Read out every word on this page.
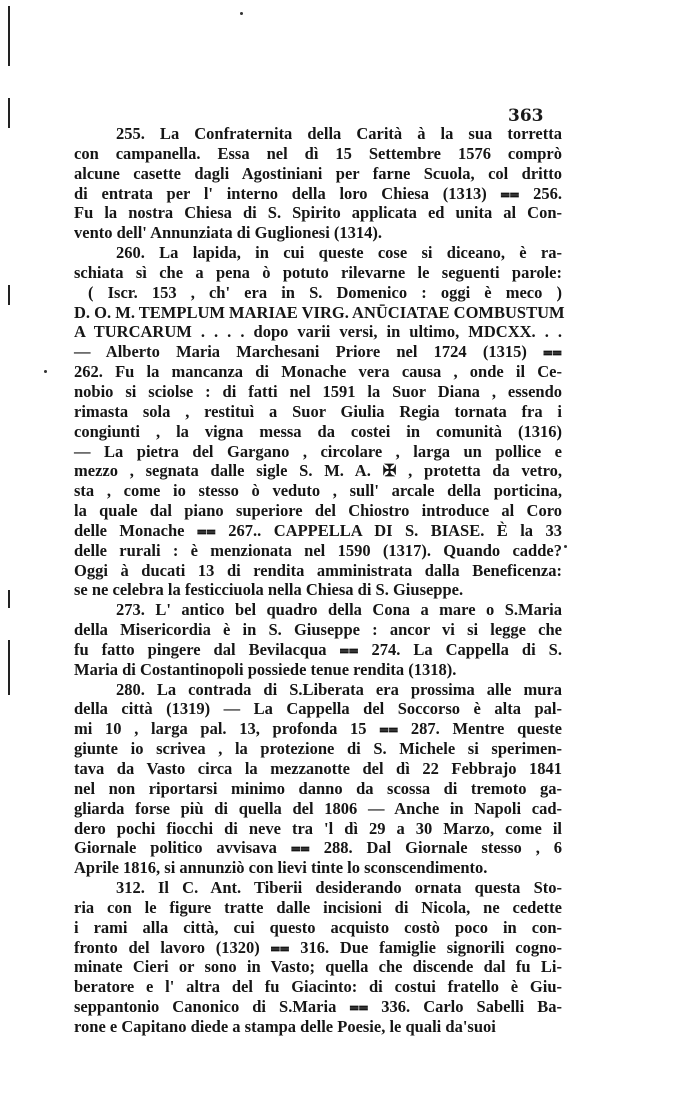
363
255. La Confraternita della Carità à la sua torretta
con campanella. Essa nel dì 15 Settembre 1576 comprò
alcune casette dagli Agostiniani per farne Scuola, col dritto
di entrata per l' interno della loro Chiesa (1313) ⩵ 256.
Fu la nostra Chiesa di S. Spirito applicata ed unita al Con-
vento dell' Annunziata di Guglionesi (1314).
260. La lapida, in cui queste cose si diceano, è ra-
schiata sì che a pena ò potuto rilevarne le seguenti parole:
( Iscr. 153 , ch' era in S. Domenico : oggi è meco )
D. O. M. TEMPLUM MARIAE VIRG. ANŪCIATAE COMBUSTUM
A TURCARUM . . . . dopo varii versi, in ultimo, MDCXX. . .
— Alberto Maria Marchesani Priore nel 1724 (1315) ⩵
262. Fu la mancanza di Monache vera causa , onde il Ce-
nobio si sciolse : di fatti nel 1591 la Suor Diana , essendo
rimasta sola , restituì a Suor Giulia Regia tornata fra i
congiunti , la vigna messa da costei in comunità (1316)
— La pietra del Gargano , circolare , larga un pollice e
mezzo , segnata dalle sigle S. M. A. ✠ , protetta da vetro,
sta , come io stesso ò veduto , sull' arcale della porticina,
la quale dal piano superiore del Chiostro introduce al Coro
delle Monache ⩵ 267.. CAPPELLA DI S. BIASE. È la 33
delle rurali : è menzionata nel 1590 (1317). Quando cadde?
Oggi à ducati 13 di rendita amministrata dalla Beneficenza:
se ne celebra la festicciuola nella Chiesa di S. Giuseppe.
273. L' antico bel quadro della Cona a mare o S.Maria
della Misericordia è in S. Giuseppe : ancor vi si legge che
fu fatto pingere dal Bevilacqua ⩵ 274. La Cappella di S.
Maria di Costantinopoli possiede tenue rendita (1318).
280. La contrada di S.Liberata era prossima alle mura
della città (1319) — La Cappella del Soccorso è alta pal-
mi 10 , larga pal. 13, profonda 15 ⩵ 287. Mentre queste
giunte io scrivea , la protezione di S. Michele si sperimen-
tava da Vasto circa la mezzanotte del dì 22 Febbrajo 1841
nel non riportarsi minimo danno da scossa di tremoto ga-
gliarda forse più di quella del 1806 — Anche in Napoli cad-
dero pochi fiocchi di neve tra 'l dì 29 a 30 Marzo, come il
Giornale politico avvisava ⩵ 288. Dal Giornale stesso , 6
Aprile 1816, si annunziò con lievi tinte lo sconscendimento.
312. Il C. Ant. Tiberii desiderando ornata questa Sto-
ria con le figure tratte dalle incisioni di Nicola, ne cedette
i rami alla città, cui questo acquisto costò poco in con-
fronto del lavoro (1320) ⩵ 316. Due famiglie signorili cogno-
minate Cieri or sono in Vasto; quella che discende dal fu Li-
beratore e l' altra del fu Giacinto: di costui fratello è Giu-
seppantonio Canonico di S.Maria ⩵ 336. Carlo Sabelli Ba-
rone e Capitano diede a stampa delle Poesie, le quali da'suoi
